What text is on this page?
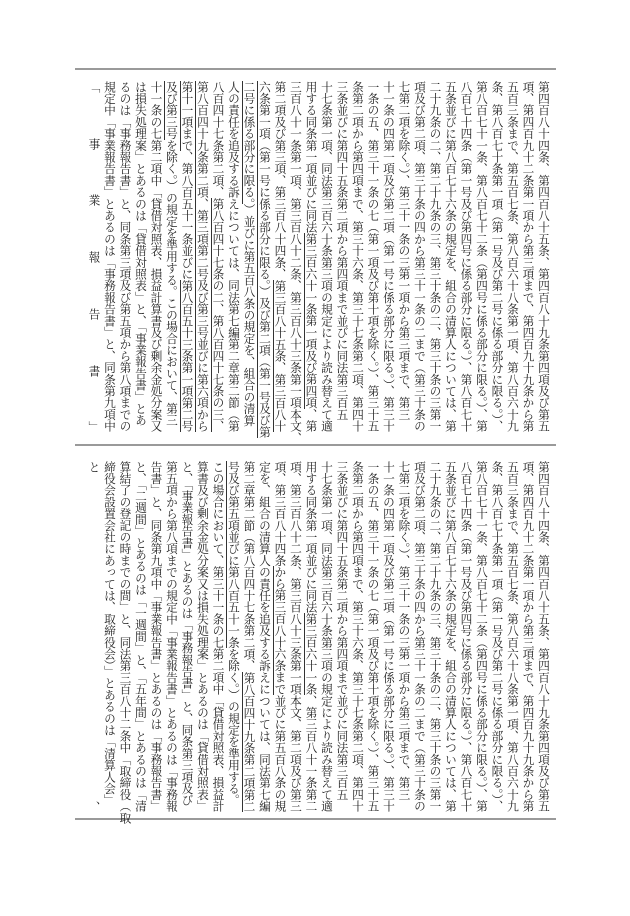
第四百八十四条、第四百八十五条、第四百八十九条第四項及び第五
項、第四百九十二条第一項から第三項まで、第四百九十九条から第
五百三条まで、第五百七条、第八百六十八条第一項、第八百六十九
条、第八百七十条第一項（第一号及び第二号に係る部分に限る。）、
第八百七十一条、第八百七十二条（第四号に係る部分に限る。）、第
八百七十四条（第一号及び第四号に係る部分に限る。）、第八百七十
五条並びに第八百七十六条の規定を、組合の清算人については、第
二十九条の二、第二十九条の三、第三十条の二、第三十条の三第一
項及び第二項、第三十条の四から第三十一条の二まで（第三十条の
七第二項を除く。）、第三十一条の三第一項から第三項まで、第三
十一条の四第一項及び第二項（第一号に係る部分に限る。）、第三十
一条の五、第三十一条の七（第一項及び第十項を除く。）、第三十五
条第二項から第四項まで、第三十六条、第三十七条第二項、第四十
三条並びに第四十五条第二項から第四項まで並びに同法第三百五
十七条第一項、同法第三百六十条第三項の規定により読み替えて適
用する同条第一項並びに同法第三百六十一条第一項及び第四項、第
三百八十一条第一項、第三百八十二条、第三百八十三条第一項本文、
第二項及び第三項、第三百八十四条、第三百八十五条、第三百八十
六条第一項（第一号に係る部分に限る。）及び第二項（第一号及び第
二号に係る部分に限る。）並びに第五百八条の規定を、組合の清算
人の責任を追及する訴えについては、同法第七編第二章第二節（第
八百四十七条第二項、第八百四十七条の二、第八百四十七条の三、
第八百四十九条第二項、第三項第二号及び第三号並びに第六項から
第十一項まで、第八百五十一条並びに第八百五十三条第一項第二号
及び第三号を除く。）の規定を準用する。この場合において、第三
十一条の七第二項中「貸借対照表、損益計算書及び剰余金処分案又
は損失処理案」とあるのは「貸借対照表」と、「事業報告書」とあ
るのは「事務報告書」と、同条第三項及び第五項から第八項までの
規定中「事業報告書」とあるのは「事務報告書」と、同条第九項中
「
事
業
報
告
書
」
第四百八十四条、第四百八十五条、第四百八十九条第四項及び第五
項、第四百九十二条第一項から第三項まで、第四百九十九条から第
五百三条まで、第五百七条、第八百六十八条第一項、第八百六十九
条、第八百七十条第一項（第一号及び第二号に係る部分に限る。）、
第八百七十一条、第八百七十二条（第四号に係る部分に限る。）、第
八百七十四条（第一号及び第四号に係る部分に限る。）、第八百七十
五条並びに第八百七十六条の規定を、組合の清算人については、第
二十九条の二、第二十九条の三、第三十条の二、第三十条の三第一
項及び第二項、第三十条の四から第三十一条の二まで（第三十条の
七第二項を除く。）、第三十一条の三第一項から第三項まで、第三
十一条の四第一項及び第二項（第一号に係る部分に限る。）、第三十
一条の五、第三十一条の七（第一項及び第十項を除く。）、第三十五
条第二項から第四項まで、第三十六条、第三十七条第二項、第四十
三条並びに第四十五条第二項から第四項まで並びに同法第三百五
十七条第一項、同法第三百六十条第三項の規定により読み替えて適
用する同条第一項並びに同法第三百六十一条、第三百八十一条第二
項、第三百八十二条、第三百八十三条第一項本文、第二項及び第三
項、第三百八十四条から第三百八十六条まで並びに第五百八条の規
定を、組合の清算人の責任を追及する訴えについては、同法第七編
第二章第二節（第八百四十七条第二項、第八百四十九条第二項第二
号及び第五項並びに第八百五十一条を除く。）の規定を準用する。
この場合において、第三十一条の七第二項中「貸借対照表、損益計
算書及び剰余金処分案又は損失処理案」とあるのは「貸借対照表」
と、「事業報告書」とあるのは「事務報告書」と、同条第三項及び
第五項から第八項までの規定中「事業報告書」とあるのは「事務報
告書」と、同条第九項中「事業報告書」とあるのは「事務報告書」
と、「二週間」とあるのは「一週間」と、「五年間」とあるのは「清
算結了の登記の時までの間」と、同法第三百八十二条中「取締役（取
締役会設置会社にあっては、取締役会）」とあるのは「清算人会」
と
、
